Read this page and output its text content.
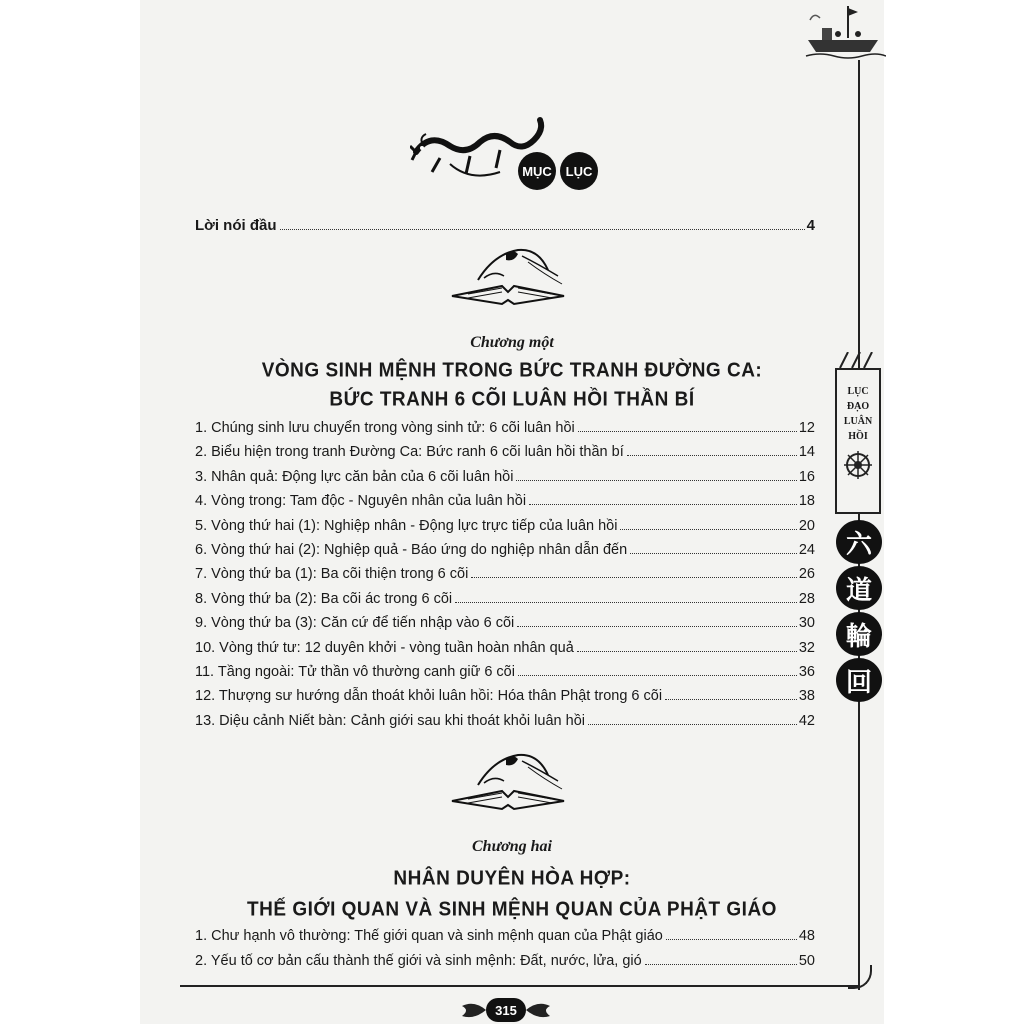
MỤC	LỤC
Lời nói đầu	4
Chương một
VÒNG SINH MỆNH TRONG BỨC TRANH ĐƯỜNG CA:
BỨC TRANH 6 CÕI LUÂN HỒI THẦN BÍ
1. Chúng sinh lưu chuyển trong vòng sinh tử: 6 cõi luân hồi	12
2. Biểu hiện trong tranh Đường Ca: Bức ranh 6 cõi luân hồi thần bí	14
3. Nhân quả: Động lực căn bản của 6 cõi luân hồi	16
4. Vòng trong: Tam độc - Nguyên nhân của luân hồi	18
5. Vòng thứ hai (1): Nghiệp nhân - Động lực trực tiếp của luân hồi	20
6. Vòng thứ hai (2): Nghiệp quả - Báo ứng do nghiệp nhân dẫn đến	24
7. Vòng thứ ba (1): Ba cõi thiện trong 6 cõi	26
8. Vòng thứ ba (2): Ba cõi ác trong 6 cõi	28
9. Vòng thứ ba (3): Căn cứ để tiến nhập vào 6 cõi	30
10. Vòng thứ tư: 12 duyên khởi - vòng tuần hoàn nhân quả	32
11. Tầng ngoài: Tử thần vô thường canh giữ 6 cõi	36
12. Thượng sư hướng dẫn thoát khỏi luân hồi: Hóa thân Phật trong 6 cõi	38
13. Diệu cảnh Niết bàn: Cảnh giới sau khi thoát khỏi luân hồi	42
Chương hai
NHÂN DUYÊN HÒA HỢP:
THẾ GIỚI QUAN VÀ SINH MỆNH QUAN CỦA PHẬT GIÁO
1. Chư hạnh vô thường: Thế giới quan và sinh mệnh quan của Phật giáo	48
2. Yếu tố cơ bản cấu thành thế giới và sinh mệnh: Đất, nước, lửa, gió	50
LỤC
ĐẠO
LUÂN
HỒI
六
道
輪
回
315
